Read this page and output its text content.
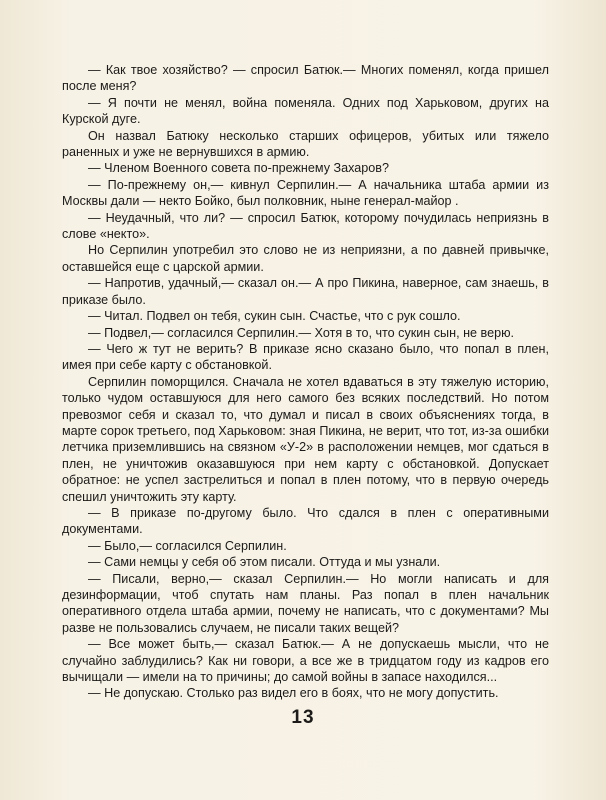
— Как твое хозяйство? — спросил Батюк.— Многих поменял, когда пришел после меня?

— Я почти не менял, война поменяла. Одних под Харьковом, других на Курской дуге.

Он назвал Батюку несколько старших офицеров, убитых или тяжело раненных и уже не вернувшихся в армию.

— Членом Военного совета по-прежнему Захаров?

— По-прежнему он,— кивнул Серпилин.— А начальника штаба армии из Москвы дали — некто Бойко, был полковник, ныне генерал-майор .

— Неудачный, что ли? — спросил Батюк, которому почудилась неприязнь в слове «некто».

Но Серпилин употребил это слово не из неприязни, а по давней привычке, оставшейся еще с царской армии.

— Напротив, удачный,— сказал он.— А про Пикина, наверное, сам знаешь, в приказе было.

— Читал. Подвел он тебя, сукин сын. Счастье, что с рук сошло.

— Подвел,— согласился Серпилин.— Хотя в то, что сукин сын, не верю.

— Чего ж тут не верить? В приказе ясно сказано было, что попал в плен, имея при себе карту с обстановкой.

Серпилин поморщился. Сначала не хотел вдаваться в эту тяжелую историю, только чудом оставшуюся для него самого без всяких последствий. Но потом превозмог себя и сказал то, что думал и писал в своих объяснениях тогда, в марте сорок третьего, под Харьковом: зная Пикина, не верит, что тот, из-за ошибки летчика приземлившись на связном «У-2» в расположении немцев, мог сдаться в плен, не уничтожив оказавшуюся при нем карту с обстановкой. Допускает обратное: не успел застрелиться и попал в плен потому, что в первую очередь спешил уничтожить эту карту.

— В приказе по-другому было. Что сдался в плен с оперативными документами.

— Было,— согласился Серпилин.

— Сами немцы у себя об этом писали. Оттуда и мы узнали.

— Писали, верно,— сказал Серпилин.— Но могли написать и для дезинформации, чтоб спутать нам планы. Раз попал в плен начальник оперативного отдела штаба армии, почему не написать, что с документами? Мы разве не пользовались случаем, не писали таких вещей?

— Все может быть,— сказал Батюк.— А не допускаешь мысли, что не случайно заблудились? Как ни говори, а все же в тридцатом году из кадров его вычищали — имели на то причины; до самой войны в запасе находился...

— Не допускаю. Столько раз видел его в боях, что не могу допустить.

13
